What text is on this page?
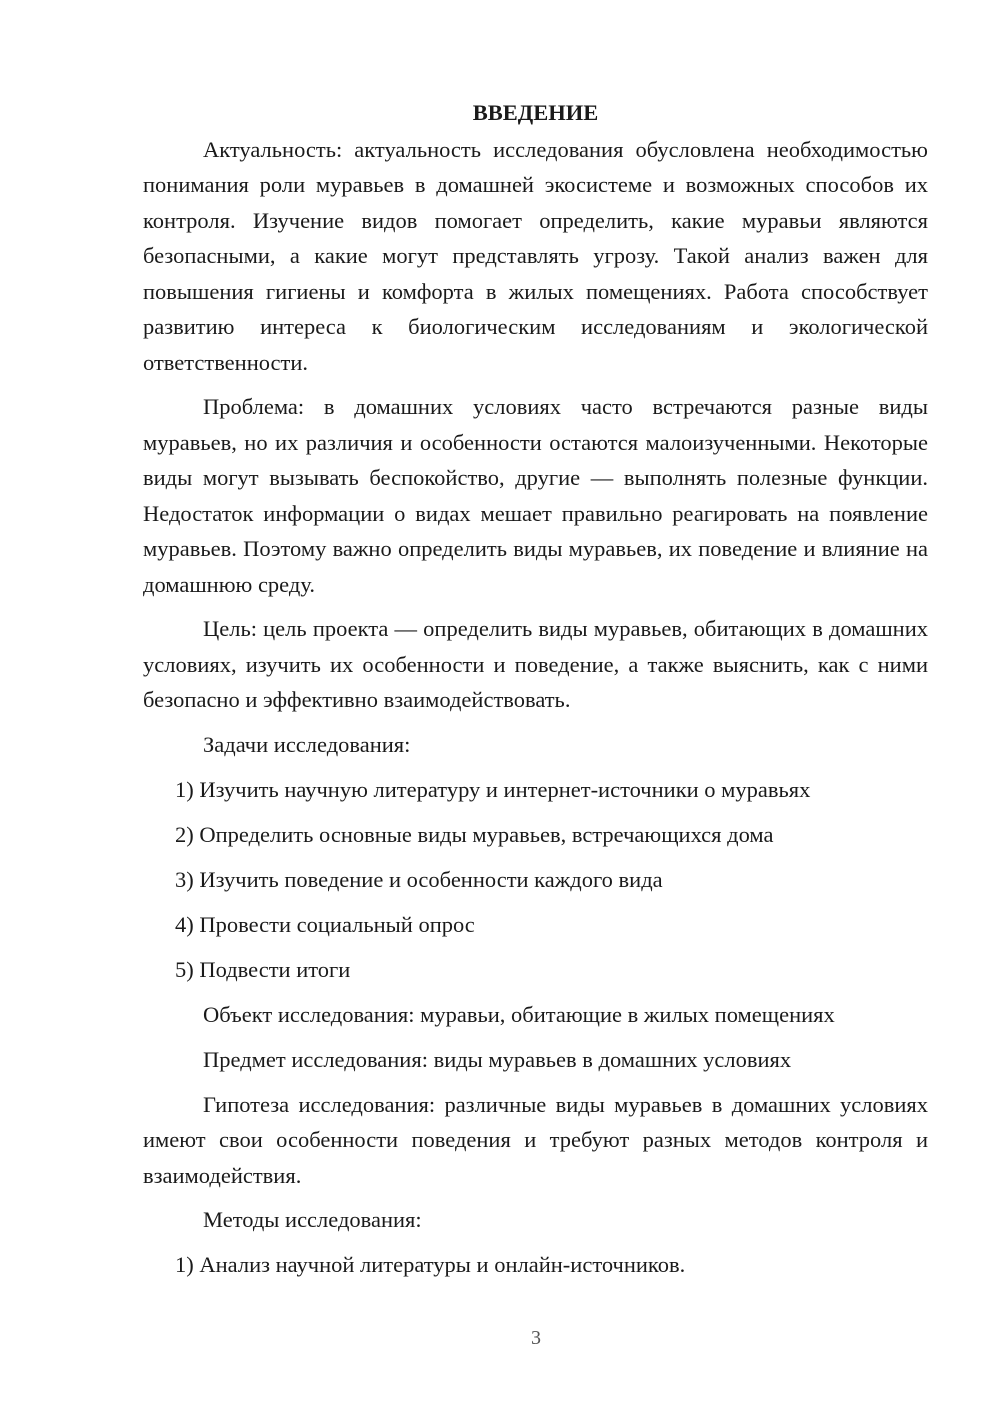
ВВЕДЕНИЕ

Актуальность: актуальность исследования обусловлена необходимостью понимания роли муравьев в домашней экосистеме и возможных способов их контроля. Изучение видов помогает определить, какие муравьи являются безопасными, а какие могут представлять угрозу. Такой анализ важен для повышения гигиены и комфорта в жилых помещениях. Работа способствует развитию интереса к биологическим исследованиям и экологической ответственности.

Проблема: в домашних условиях часто встречаются разные виды муравьев, но их различия и особенности остаются малоизученными. Некоторые виды могут вызывать беспокойство, другие — выполнять полезные функции. Недостаток информации о видах мешает правильно реагировать на появление муравьев. Поэтому важно определить виды муравьев, их поведение и влияние на домашнюю среду.

Цель: цель проекта — определить виды муравьев, обитающих в домашних условиях, изучить их особенности и поведение, а также выяснить, как с ними безопасно и эффективно взаимодействовать.

Задачи исследования:
1) Изучить научную литературу и интернет-источники о муравьях
2) Определить основные виды муравьев, встречающихся дома
3) Изучить поведение и особенности каждого вида
4) Провести социальный опрос
5) Подвести итоги
Объект исследования: муравьи, обитающие в жилых помещениях
Предмет исследования: виды муравьев в домашних условиях

Гипотеза исследования: различные виды муравьев в домашних условиях имеют свои особенности поведения и требуют разных методов контроля и взаимодействия.

Методы исследования:
1) Анализ научной литературы и онлайн-источников.
3
